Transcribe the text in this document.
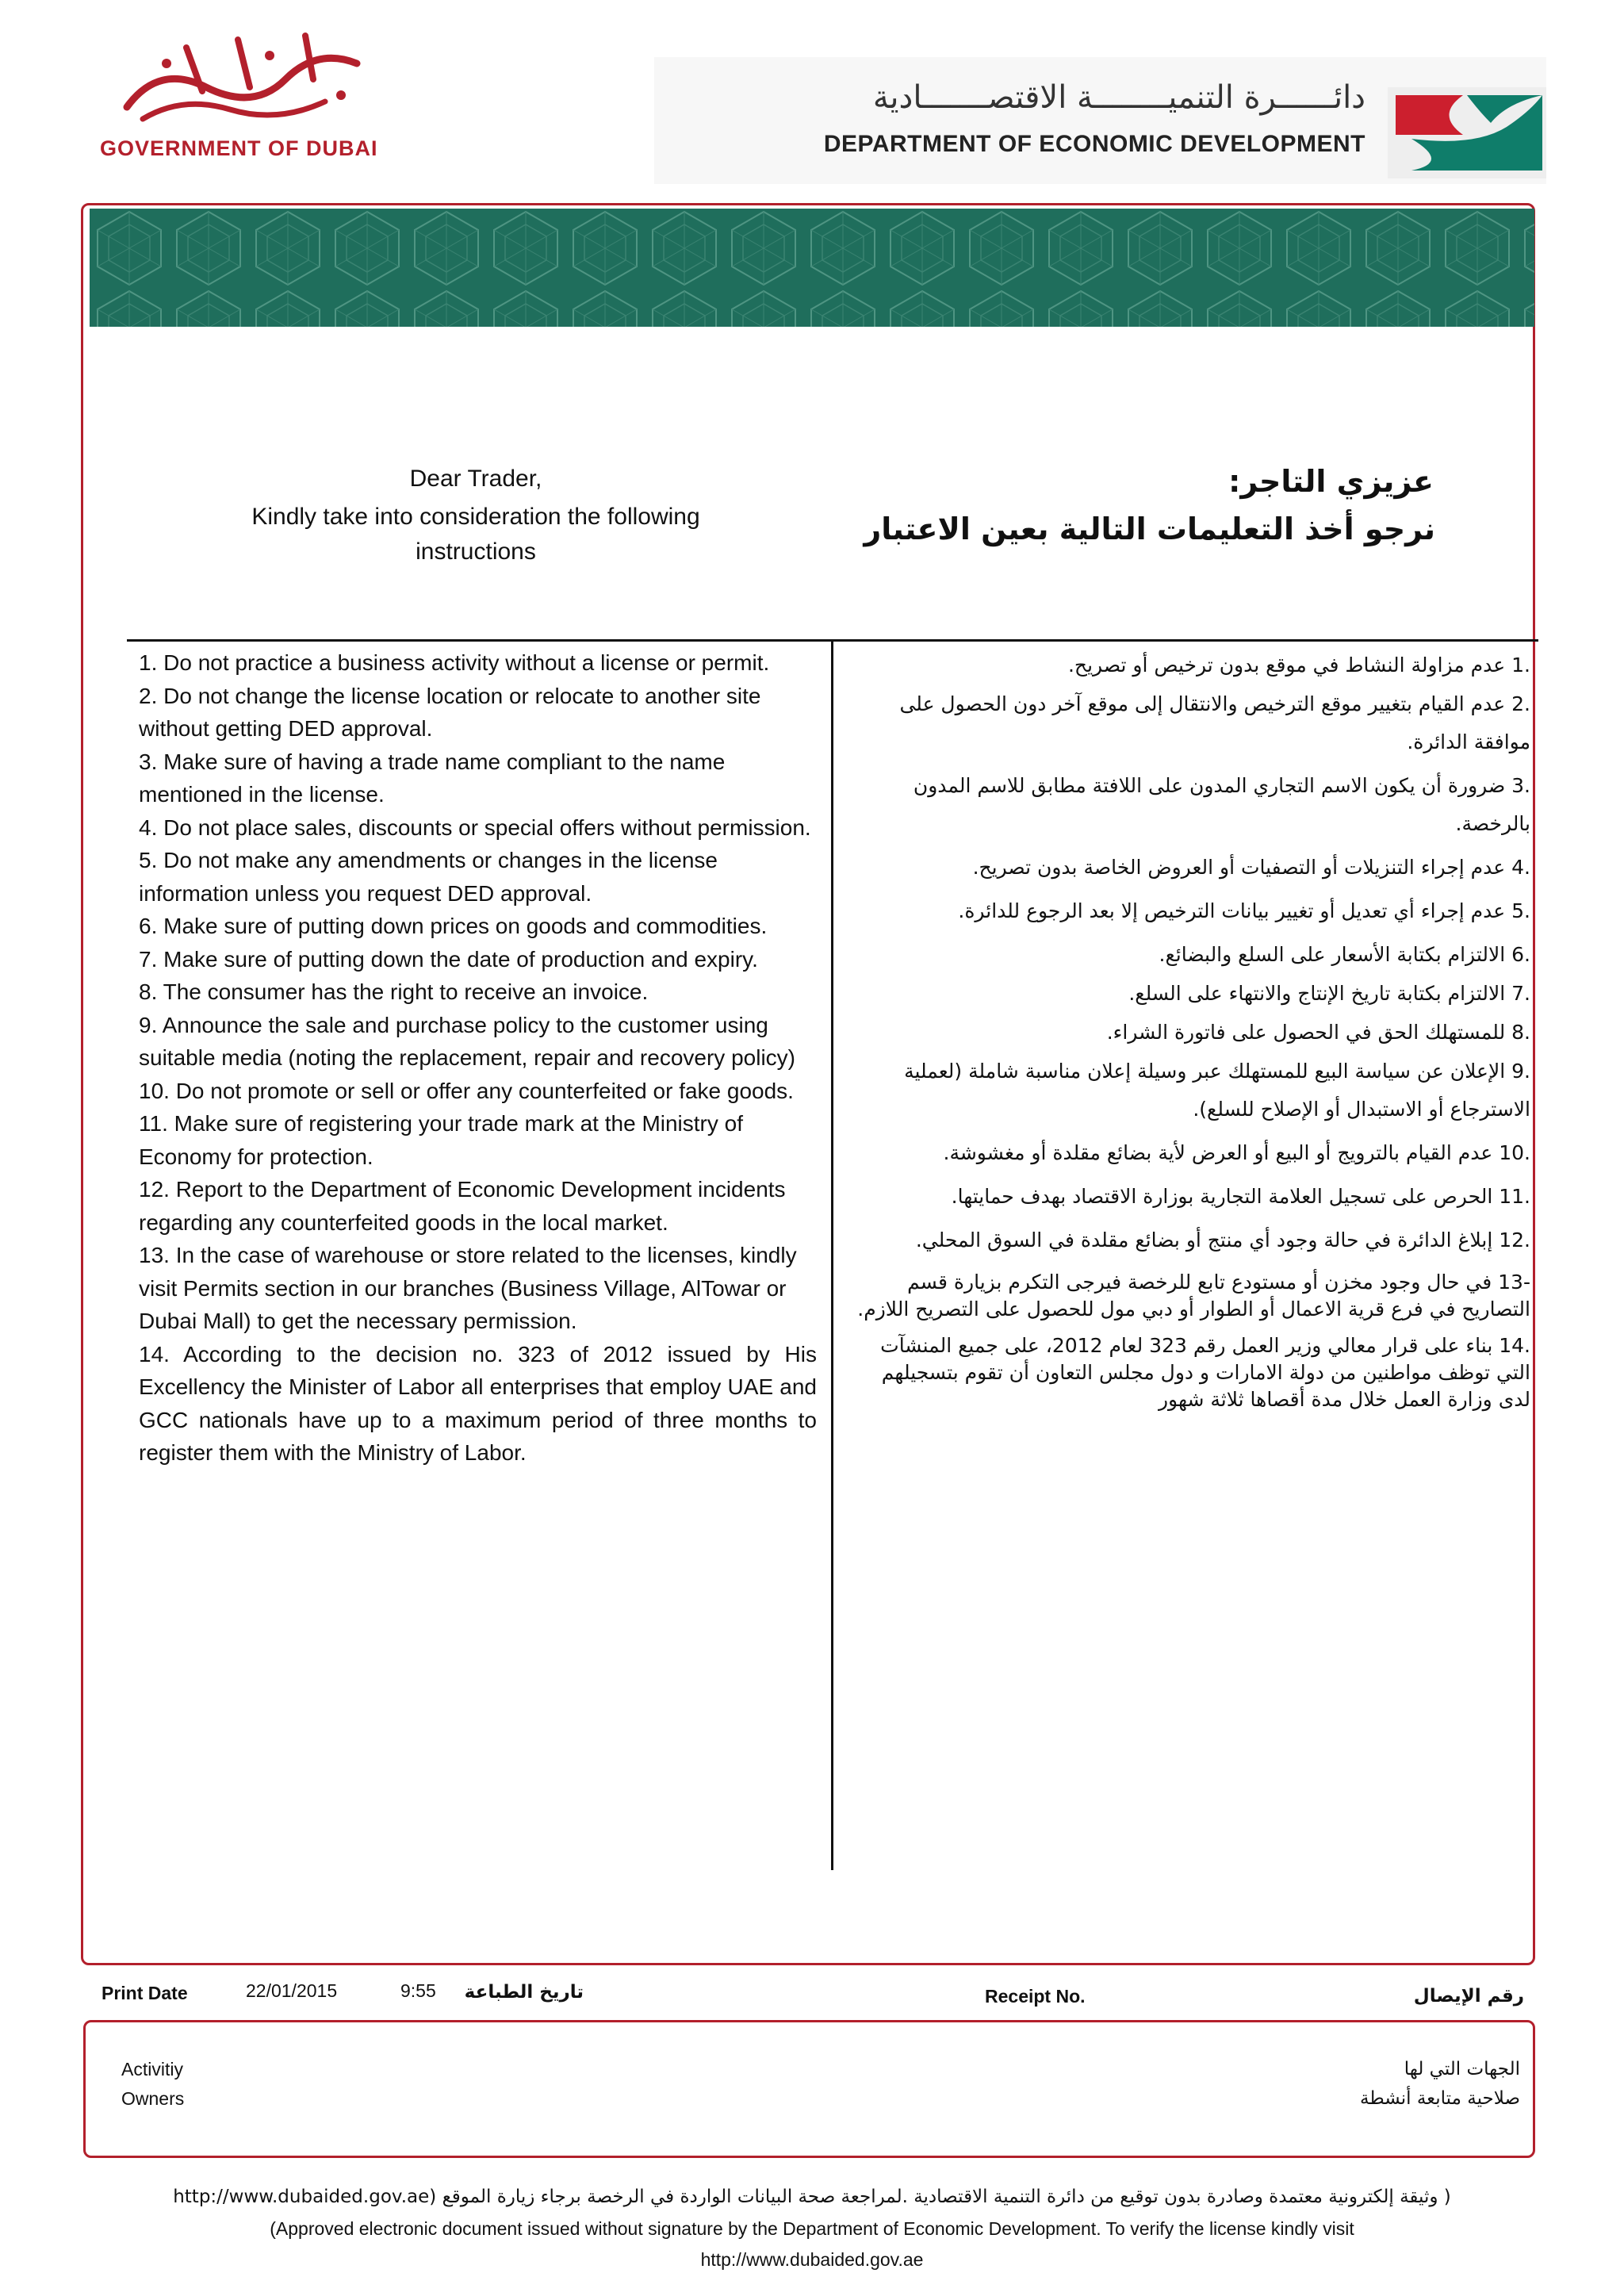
GOVERNMENT OF DUBAI
دائــــــرة التنميــــــــة الاقتصـــــــادية
DEPARTMENT OF ECONOMIC DEVELOPMENT
Dear Trader,
Kindly take into consideration the following
instructions
عزيزي التاجر:
نرجو أخذ التعليمات التالية بعين الاعتبار
1. Do not practice a business activity without a license or permit.
2. Do not change the license location or relocate to another site without getting DED approval.
3. Make sure of having a trade name compliant to the name mentioned in the license.
4. Do not place sales, discounts or special offers without permission.
5. Do not make any amendments or changes in the license information unless you request DED approval.
6. Make sure of putting down prices on goods and commodities.
7. Make sure of putting down the date of production and expiry.
8. The consumer has the right to receive an invoice.
9. Announce the sale and purchase policy to the customer using suitable media (noting the replacement, repair and recovery policy)
10. Do not promote or sell or offer any counterfeited or fake goods.
11. Make sure of registering your trade mark at the Ministry of Economy for protection.
12. Report to the Department of Economic Development incidents regarding any counterfeited goods in the local market.
13. In the case of warehouse or store related to the licenses, kindly visit Permits section in our branches (Business Village, AlTowar or Dubai Mall) to get the necessary permission.
14. According to the decision no. 323 of 2012 issued by His Excellency the Minister of Labor all enterprises that employ UAE and GCC nationals have up to a maximum period of three months to register them with the Ministry of Labor.
.1 عدم مزاولة النشاط في موقع بدون ترخيص أو تصريح.
.2 عدم القيام بتغيير موقع الترخيص والانتقال إلى موقع آخر دون الحصول على موافقة الدائرة.
.3 ضرورة أن يكون الاسم التجاري المدون على اللافتة مطابق للاسم المدون بالرخصة.
.4 عدم إجراء التنزيلات أو التصفيات أو العروض الخاصة بدون تصريح.
.5 عدم إجراء أي تعديل أو تغيير بيانات الترخيص إلا بعد الرجوع للدائرة.
.6 الالتزام بكتابة الأسعار على السلع والبضائع.
.7 الالتزام بكتابة تاريخ الإنتاج والانتهاء على السلع.
.8 للمستهلك الحق في الحصول على فاتورة الشراء.
.9 الإعلان عن سياسة البيع للمستهلك عبر وسيلة إعلان مناسبة شاملة (لعملية الاسترجاع أو الاستبدال أو الإصلاح للسلع).
.10 عدم القيام بالترويج أو البيع أو العرض لأية بضائع مقلدة أو مغشوشة.
.11 الحرص على تسجيل العلامة التجارية بوزارة الاقتصاد بهدف حمايتها.
.12 إبلاغ الدائرة في حالة وجود أي منتج أو بضائع مقلدة في السوق المحلي.
-13 في حال وجود مخزن أو مستودع تابع للرخصة فيرجى التكرم بزيارة قسم التصاريح في فرع قرية الاعمال أو الطوار أو دبي مول للحصول على التصريح اللازم.
.14 بناء على قرار معالي وزير العمل رقم 323 لعام 2012، على جميع المنشآت التي توظف مواطنين من دولة الامارات و دول مجلس التعاون أن تقوم بتسجيلهم لدى وزارة العمل خلال مدة أقصاها ثلاثة شهور
Print Date	22/01/2015	9:55 تاريخ الطباعة	Receipt No.	رقم الإيصال
Activitiy
Owners
الجهات التي لها
صلاحية متابعة أنشطة
( وثيقة إلكترونية معتمدة وصادرة بدون توقيع من دائرة التنمية الاقتصادية .لمراجعة صحة البيانات الواردة في الرخصة برجاء زيارة الموقع (http://www.dubaided.gov.ae
(Approved electronic document issued without signature by the Department of Economic Development. To verify the license kindly visit
http://www.dubaided.gov.ae
